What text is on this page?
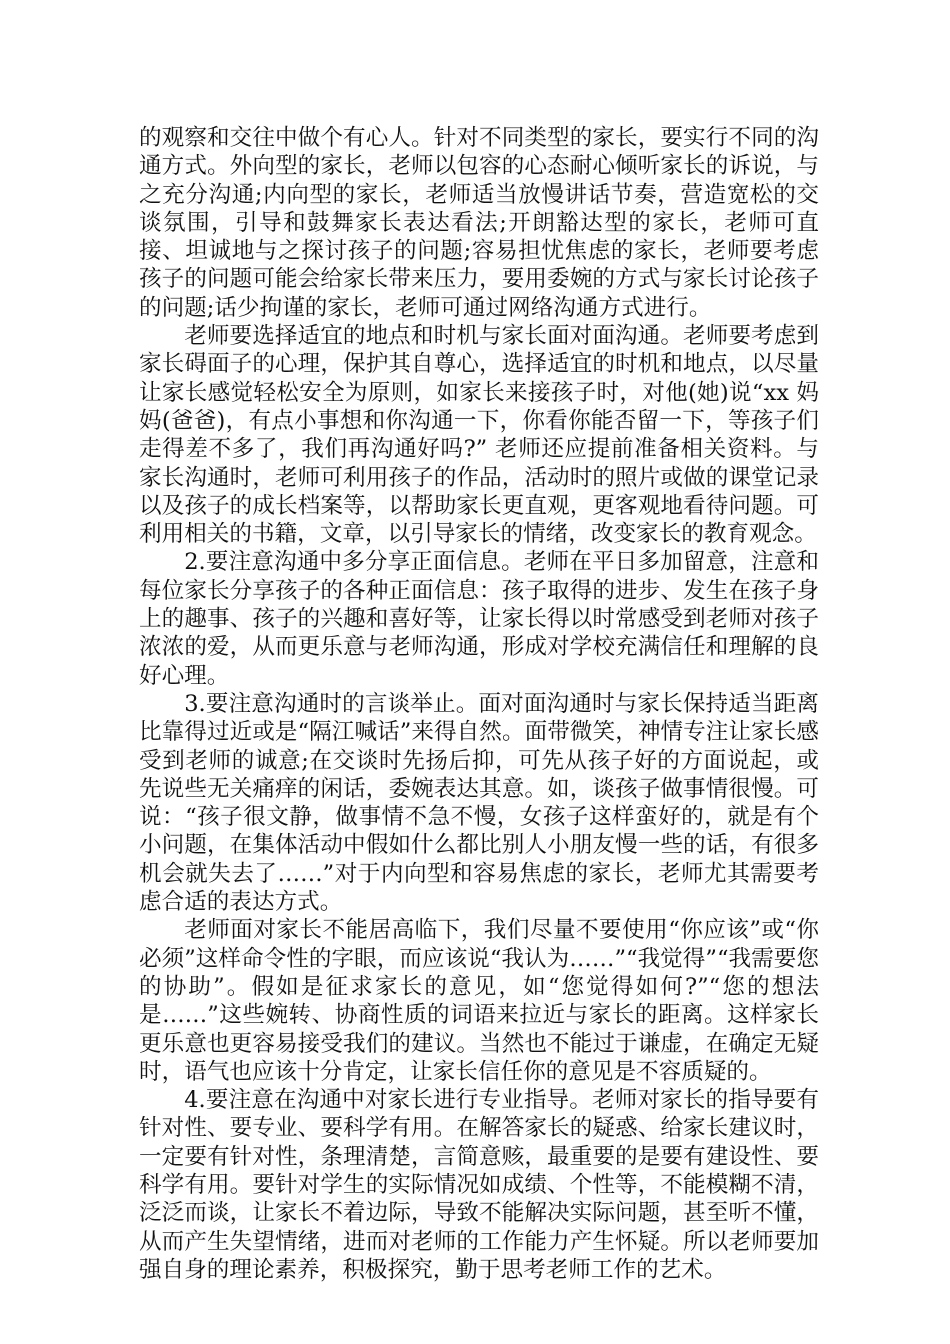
的观察和交往中做个有心人。针对不同类型的家长，要实行不同的沟通方式。外向型的家长，老师以包容的心态耐心倾听家长的诉说，与之充分沟通;内向型的家长，老师适当放慢讲话节奏，营造宽松的交谈氛围，引导和鼓舞家长表达看法;开朗豁达型的家长，老师可直接、坦诚地与之探讨孩子的问题;容易担忧焦虑的家长，老师要考虑孩子的问题可能会给家长带来压力，要用委婉的方式与家长讨论孩子的问题;话少拘谨的家长，老师可通过网络沟通方式进行。

老师要选择适宜的地点和时机与家长面对面沟通。老师要考虑到家长碍面子的心理，保护其自尊心，选择适宜的时机和地点，以尽量让家长感觉轻松安全为原则，如家长来接孩子时，对他(她)说“xx 妈妈(爸爸)，有点小事想和你沟通一下，你看你能否留一下，等孩子们走得差不多了，我们再沟通好吗?” 老师还应提前准备相关资料。与家长沟通时，老师可利用孩子的作品，活动时的照片或做的课堂记录以及孩子的成长档案等，以帮助家长更直观，更客观地看待问题。可利用相关的书籍，文章，以引导家长的情绪，改变家长的教育观念。

2.要注意沟通中多分享正面信息。老师在平日多加留意，注意和每位家长分享孩子的各种正面信息：孩子取得的进步、发生在孩子身上的趣事、孩子的兴趣和喜好等，让家长得以时常感受到老师对孩子浓浓的爱，从而更乐意与老师沟通，形成对学校充满信任和理解的良好心理。

3.要注意沟通时的言谈举止。面对面沟通时与家长保持适当距离比靠得过近或是“隔江喊话”来得自然。面带微笑，神情专注让家长感受到老师的诚意;在交谈时先扬后抑，可先从孩子好的方面说起，或先说些无关痛痒的闲话，委婉表达其意。如，谈孩子做事情很慢。可说：“孩子很文静，做事情不急不慢，女孩子这样蛮好的，就是有个小问题，在集体活动中假如什么都比别人小朋友慢一些的话，有很多机会就失去了……”对于内向型和容易焦虑的家长，老师尤其需要考虑合适的表达方式。

老师面对家长不能居高临下，我们尽量不要使用“你应该”或“你必须”这样命令性的字眼，而应该说“我认为……”“我觉得”“我需要您的协助”。假如是征求家长的意见，如“您觉得如何?”“您的想法是……”这些婉转、协商性质的词语来拉近与家长的距离。这样家长更乐意也更容易接受我们的建议。当然也不能过于谦虚，在确定无疑时，语气也应该十分肯定，让家长信任你的意见是不容质疑的。

4.要注意在沟通中对家长进行专业指导。老师对家长的指导要有针对性、要专业、要科学有用。在解答家长的疑惑、给家长建议时，一定要有针对性，条理清楚，言简意赅，最重要的是要有建设性、要科学有用。要针对学生的实际情况如成绩、个性等，不能模糊不清，泛泛而谈，让家长不着边际，导致不能解决实际问题，甚至听不懂，从而产生失望情绪，进而对老师的工作能力产生怀疑。所以老师要加强自身的理论素养，积极探究，勤于思考老师工作的艺术。
